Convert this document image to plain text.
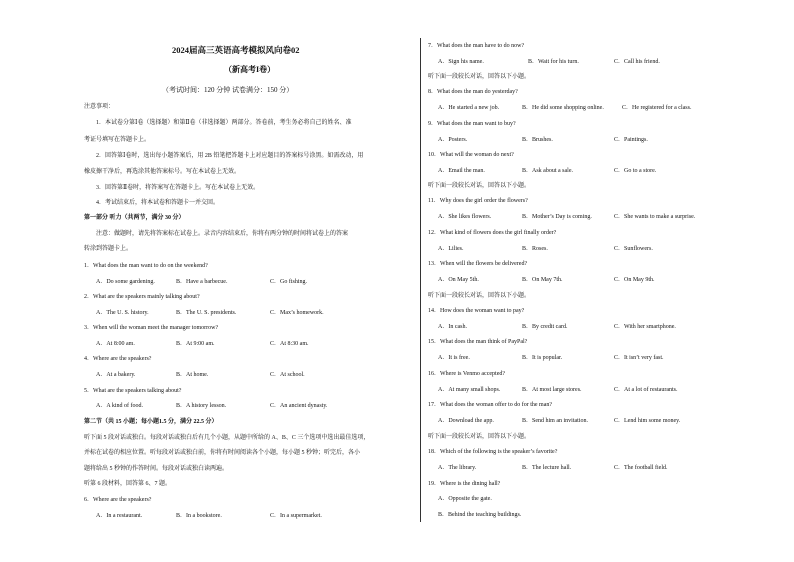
2024届高三英语高考模拟风向卷02
（新高考I卷）
（考试时间：120 分钟 试卷满分：150 分）
注意事项：
1．本试卷分第Ⅰ卷（选择题）和第Ⅱ卷（非选择题）两部分。答卷前，考生务必将自己的姓名、准
考证号填写在答题卡上。
2．回答第Ⅰ卷时，选出每小题答案后，用 2B 铅笔把答题卡上对应题目的答案标号涂黑。如需改动，用
橡皮擦干净后，再选涂其他答案标号。写在本试卷上无效。
3．回答第Ⅱ卷时，将答案写在答题卡上。写在本试卷上无效。
4．考试结束后，将本试卷和答题卡一并交回。
第一部分 听力（共两节，满分 30 分）
注意：做题时，请先将答案标在试卷上。录音内容结束后，你将有两分钟的时间将试卷上的答案
转涂到答题卡上。
1．What does the man want to do on the weekend?
A．Do some gardening.	B．Have a barbecue.	C．Go fishing.
2．What are the speakers mainly talking about?
A．The U. S. history.	B．The U. S. presidents.	C．Max’s homework.
3．When will the woman meet the manager tomorrow?
A．At 8:00 am.	B．At 9:00 am.	C．At 8:30 am.
4．Where are the speakers?
A．At a bakery.	B．At home.	C．At school.
5．What are the speakers talking about?
A．A kind of food.	B．A history lesson.	C．An ancient dynasty.
第二节（共 15 小题；每小题1.5 分，满分 22.5 分）
听下面 5 段对话或独白。每段对话或独白后有几个小题，从题中所给的 A、B、C 三个选项中选出最佳选项，
并标在试卷的相应位置。听每段对话或独白前，你将有时间阅读各个小题，每小题 5 秒钟；听完后，各小
题将给出 5 秒钟的作答时间。每段对话或独白读两遍。
听第 6 段材料，回答第 6、7 题。
6．Where are the speakers?
A．In a restaurant.	B．In a bookstore.	C．In a supermarket.
7．What does the man have to do now?
A．Sign his name.	B．Wait for his turn.	C．Call his friend.
听下面一段较长对话，回答以下小题。
8．What does the man do yesterday?
A．He started a new job.	B．He did some shopping online.	C．He registered for a class.
9．What does the man want to buy?
A．Posters.	B．Brushes.	C．Paintings.
10．What will the woman do next?
A．Email the man.	B．Ask about a sale.	C．Go to a store.
听下面一段较长对话，回答以下小题。
11．Why does the girl order the flowers?
A．She likes flowers.	B．Mother’s Day is coming.	C．She wants to make a surprise.
12．What kind of flowers does the girl finally order?
A．Lilies.	B．Roses.	C．Sunflowers.
13．When will the flowers be delivered?
A．On May 5th.	B．On May 7th.	C．On May 9th.
听下面一段较长对话，回答以下小题。
14．How does the woman want to pay?
A．In cash.	B．By credit card.	C．With her smartphone.
15．What does the man think of PayPal?
A．It is free.	B．It is popular.	C．It isn’t very fast.
16．Where is Venmo accepted?
A．At many small shops.	B．At most large stores.	C．At a lot of restaurants.
17．What does the woman offer to do for the man?
A．Download the app.	B．Send him an invitation.	C．Lend him some money.
听下面一段较长对话，回答以下小题。
18．Which of the following is the speaker’s favorite?
A．The library.	B．The lecture hall.	C．The football field.
19．Where is the dining hall?
A．Opposite the gate.
B．Behind the teaching buildings.
